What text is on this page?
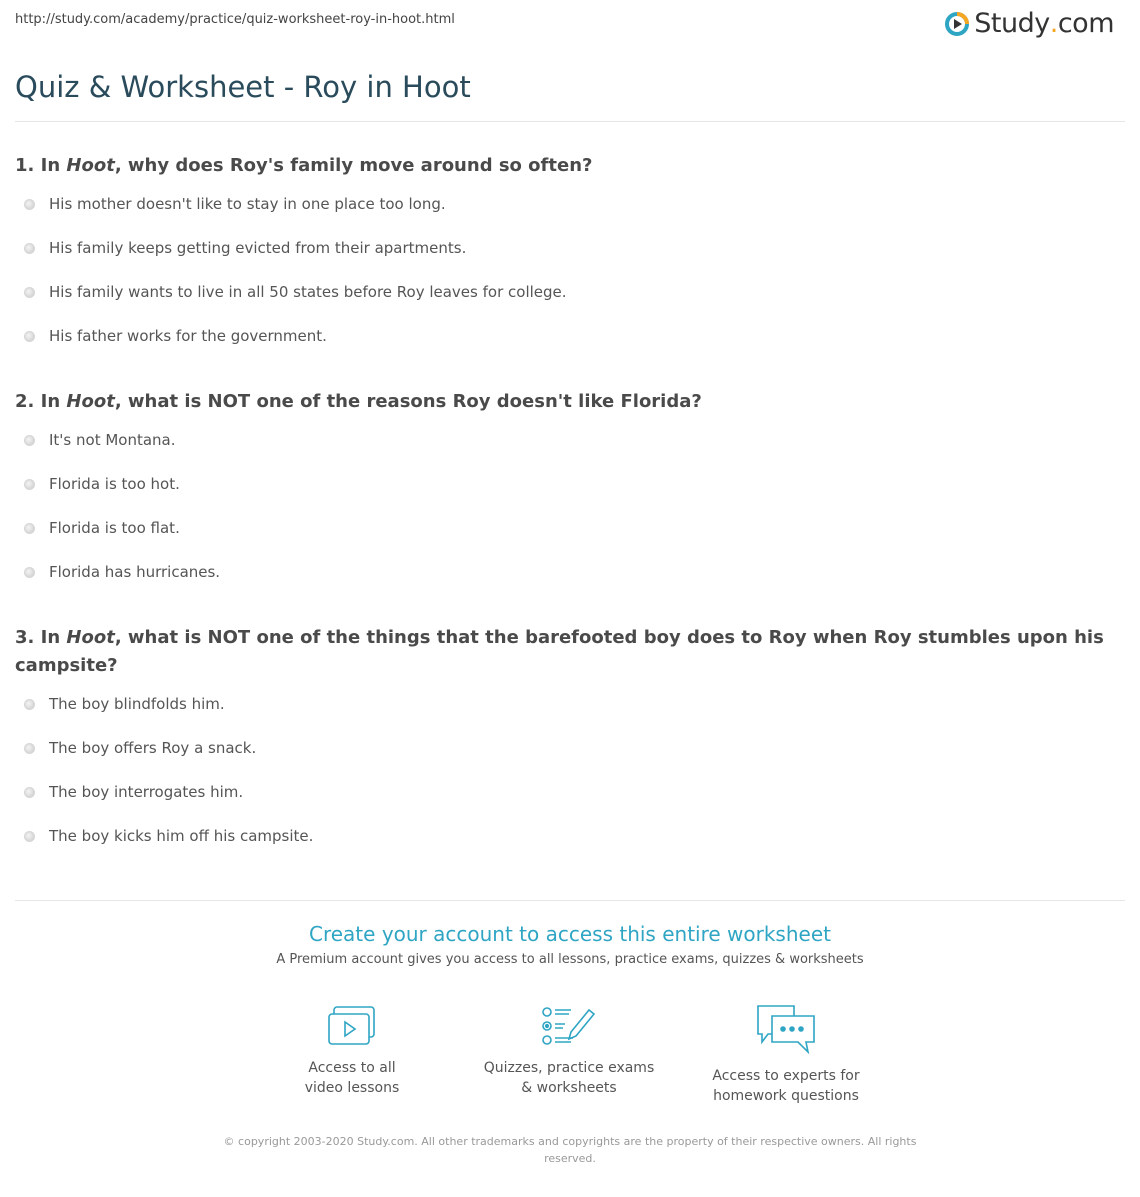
http://study.com/academy/practice/quiz-worksheet-roy-in-hoot.html	Study . com
Quiz & Worksheet - Roy in Hoot
1. In Hoot, why does Roy's family move around so often?
His mother doesn't like to stay in one place too long.
His family keeps getting evicted from their apartments.
His family wants to live in all 50 states before Roy leaves for college.
His father works for the government.
2. In Hoot, what is NOT one of the reasons Roy doesn't like Florida?
It's not Montana.
Florida is too hot.
Florida is too flat.
Florida has hurricanes.
3. In Hoot, what is NOT one of the things that the barefooted boy does to Roy when Roy stumbles upon his campsite?
The boy blindfolds him.
The boy offers Roy a snack.
The boy interrogates him.
The boy kicks him off his campsite.
Create your account to access this entire worksheet

A Premium account gives you access to all lessons, practice exams, quizzes & worksheets

Access to all
video lessons
Quizzes, practice exams
& worksheets
Access to experts for
homework questions
© copyright 2003-2020 Study.com. All other trademarks and copyrights are the property of their respective owners. All rights reserved.
